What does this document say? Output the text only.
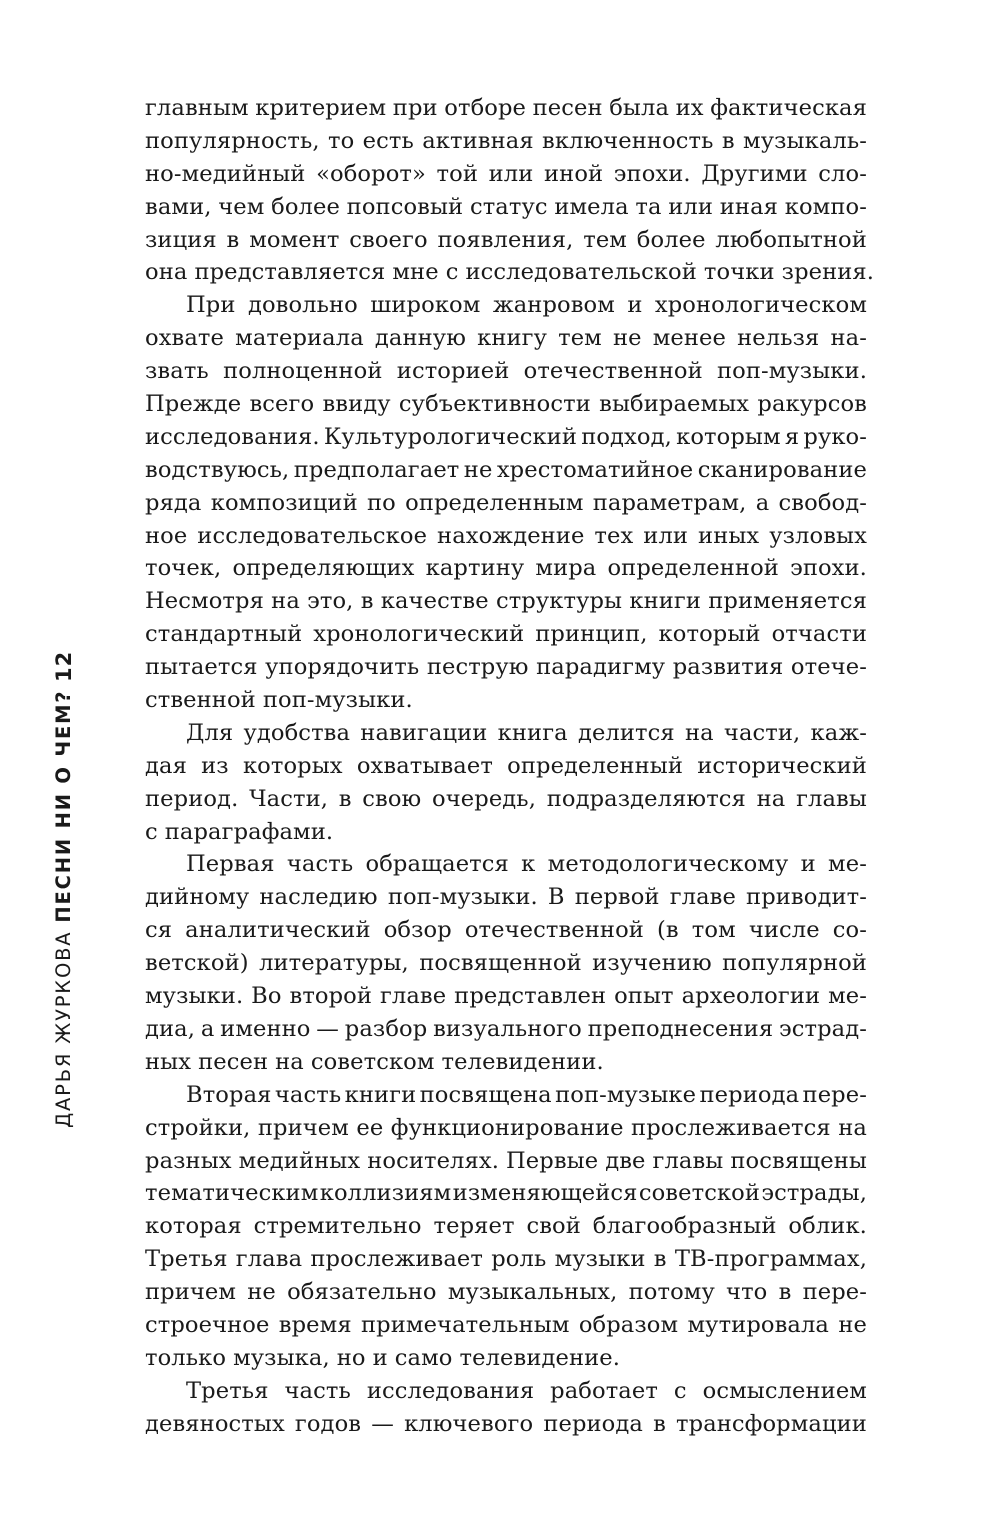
ДАРЬЯ ЖУРКОВАПЕСНИ НИ О ЧЕМ?
12
главным критерием при отборе песен была их фактическая
популярность, то есть активная включенность в музыкаль-
но-медийный «оборот» той или иной эпохи. Другими сло-
вами, чем более попсовый статус имела та или иная компо-
зиция в момент своего появления, тем более любопытной
она представляется мне с исследовательской точки зрения.
При довольно широком жанровом и хронологическом
охвате материала данную книгу тем не менее нельзя на-
звать полноценной историей отечественной поп-музыки.
Прежде всего ввиду субъективности выбираемых ракурсов
исследования. Культурологический подход, которым я руко-
водствуюсь, предполагает не хрестоматийное сканирование
ряда композиций по определенным параметрам, а свобод-
ное исследовательское нахождение тех или иных узловых
точек, определяющих картину мира определенной эпохи.
Несмотря на это, в качестве структуры книги применяется
стандартный хронологический принцип, который отчасти
пытается упорядочить пеструю парадигму развития отече-
ственной поп-музыки.
Для удобства навигации книга делится на части, каж-
дая из которых охватывает определенный исторический
период. Части, в свою очередь, подразделяются на главы
с параграфами.
Первая часть обращается к методологическому и ме-
дийному наследию поп-музыки. В первой главе приводит-
ся аналитический обзор отечественной (в том числе со-
ветской) литературы, посвященной изучению популярной
музыки. Во второй главе представлен опыт археологии ме-
диа, а именно — разбор визуального преподнесения эстрад-
ных песен на советском телевидении.
Вторая часть книги посвящена поп-музыке периода пере-
стройки, причем ее функционирование прослеживается на
разных медийных носителях. Первые две главы посвящены
тематическим коллизиям изменяющейся советской эстрады,
которая стремительно теряет свой благообразный облик.
Третья глава прослеживает роль музыки в ТВ-программах,
причем не обязательно музыкальных, потому что в пере-
строечное время примечательным образом мутировала не
только музыка, но и само телевидение.
Третья часть исследования работает с осмыслением
девяностых годов — ключевого периода в трансформации
